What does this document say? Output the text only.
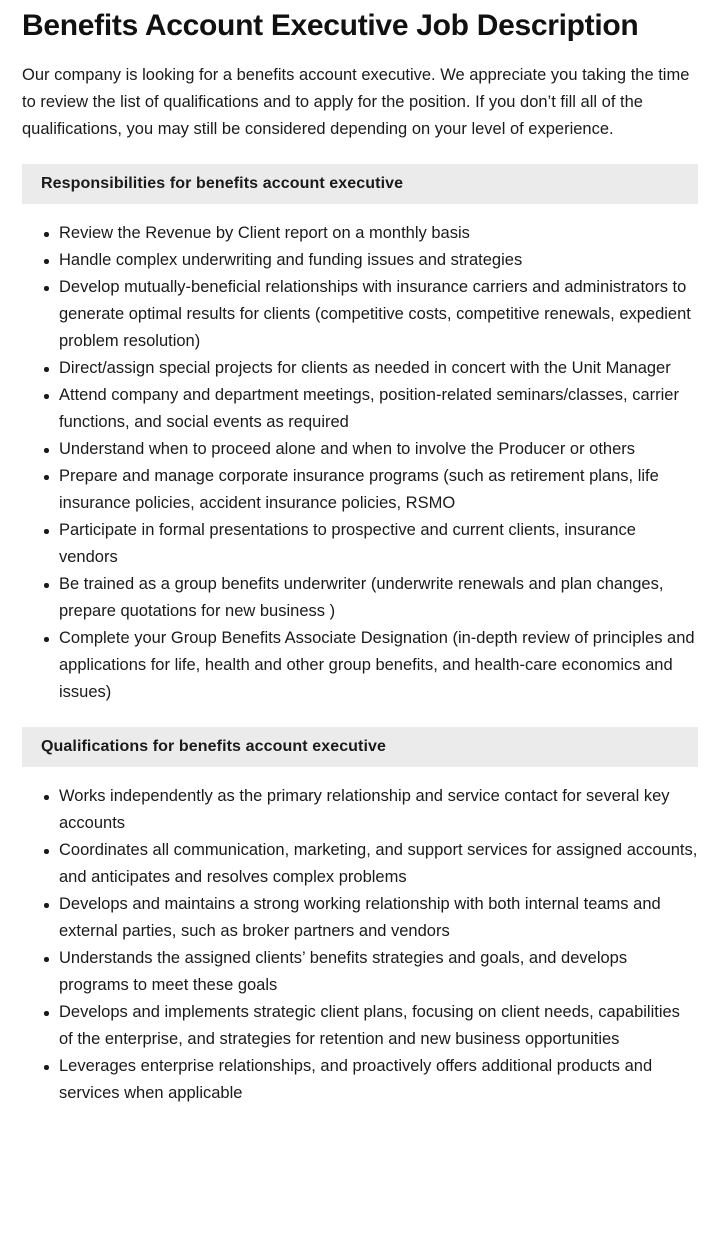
Benefits Account Executive Job Description

Our company is looking for a benefits account executive. We appreciate you taking the time to review the list of qualifications and to apply for the position. If you don’t fill all of the qualifications, you may still be considered depending on your level of experience.

Responsibilities for benefits account executive
Review the Revenue by Client report on a monthly basis
Handle complex underwriting and funding issues and strategies
Develop mutually-beneficial relationships with insurance carriers and administrators to generate optimal results for clients (competitive costs, competitive renewals, expedient problem resolution)
Direct/assign special projects for clients as needed in concert with the Unit Manager
Attend company and department meetings, position-related seminars/classes, carrier functions, and social events as required
Understand when to proceed alone and when to involve the Producer or others
Prepare and manage corporate insurance programs (such as retirement plans, life insurance policies, accident insurance policies, RSMO
Participate in formal presentations to prospective and current clients, insurance vendors
Be trained as a group benefits underwriter (underwrite renewals and plan changes, prepare quotations for new business )
Complete your Group Benefits Associate Designation (in-depth review of principles and applications for life, health and other group benefits, and health-care economics and issues)
Qualifications for benefits account executive
Works independently as the primary relationship and service contact for several key accounts
Coordinates all communication, marketing, and support services for assigned accounts, and anticipates and resolves complex problems
Develops and maintains a strong working relationship with both internal teams and external parties, such as broker partners and vendors
Understands the assigned clients’ benefits strategies and goals, and develops programs to meet these goals
Develops and implements strategic client plans, focusing on client needs, capabilities of the enterprise, and strategies for retention and new business opportunities
Leverages enterprise relationships, and proactively offers additional products and services when applicable
